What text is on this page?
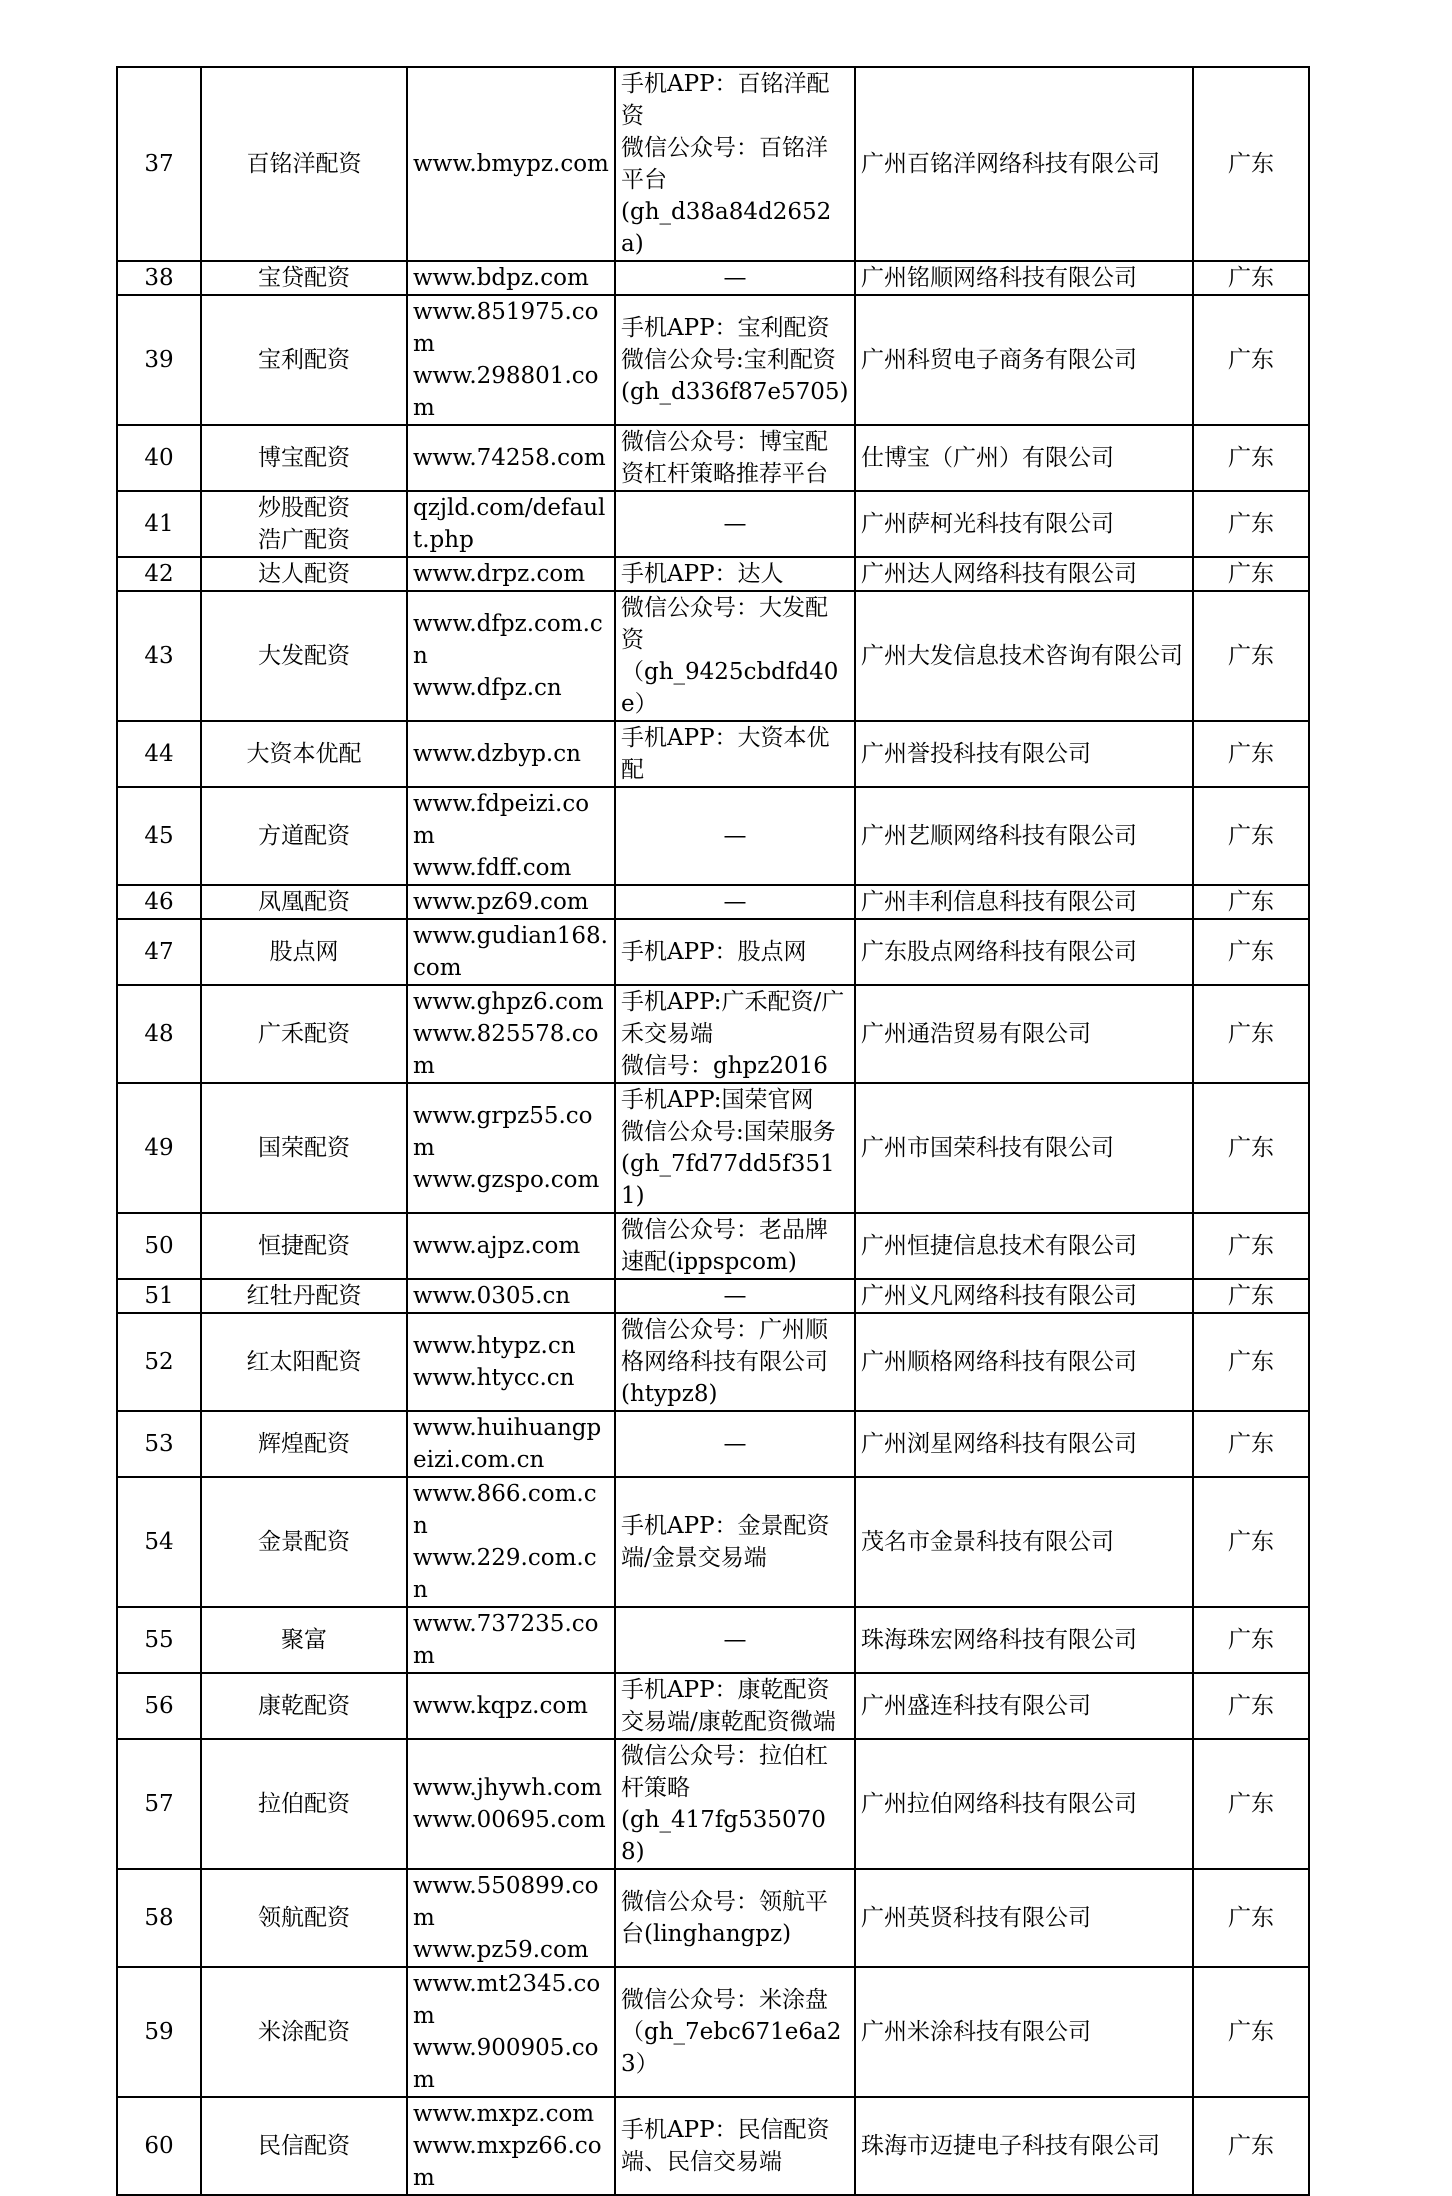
37	百铭洋配资	www.bmypz.com	手机APP：百铭洋配资
微信公众号：百铭洋平台
(gh_d38a84d2652a)	广州百铭洋网络科技有限公司	广东
38	宝贷配资	www.bdpz.com	—	广州铭顺网络科技有限公司	广东
39	宝利配资	www.851975.com
www.298801.com	手机APP：宝利配资
微信公众号:宝利配资
(gh_d336f87e5705)	广州科贸电子商务有限公司	广东
40	博宝配资	www.74258.com	微信公众号：博宝配资杠杆策略推荐平台	仕博宝（广州）有限公司	广东
41	炒股配资
浩广配资	qzjld.com/default.php	—	广州萨柯光科技有限公司	广东
42	达人配资	www.drpz.com	手机APP：达人	广州达人网络科技有限公司	广东
43	大发配资	www.dfpz.com.cn
www.dfpz.cn	微信公众号：大发配资
（gh_9425cbdfd40e）	广州大发信息技术咨询有限公司	广东
44	大资本优配	www.dzbyp.cn	手机APP：大资本优配	广州誉投科技有限公司	广东
45	方道配资	www.fdpeizi.com
www.fdff.com	—	广州艺顺网络科技有限公司	广东
46	凤凰配资	www.pz69.com	—	广州丰利信息科技有限公司	广东
47	股点网	www.gudian168.com	手机APP：股点网	广东股点网络科技有限公司	广东
48	广禾配资	www.ghpz6.com
www.825578.com	手机APP:广禾配资/广禾交易端
微信号：ghpz2016	广州通浩贸易有限公司	广东
49	国荣配资	www.grpz55.com
www.gzspo.com	手机APP:国荣官网
微信公众号:国荣服务
(gh_7fd77dd5f3511)	广州市国荣科技有限公司	广东
50	恒捷配资	www.ajpz.com	微信公众号：老品牌速配(ippspcom)	广州恒捷信息技术有限公司	广东
51	红牡丹配资	www.0305.cn	—	广州义凡网络科技有限公司	广东
52	红太阳配资	www.htypz.cn
www.htycc.cn	微信公众号：广州顺格网络科技有限公司
(htypz8)	广州顺格网络科技有限公司	广东
53	辉煌配资	www.huihuangpeizi.com.cn	—	广州浏星网络科技有限公司	广东
54	金景配资	www.866.com.cn
www.229.com.cn	手机APP：金景配资端/金景交易端	茂名市金景科技有限公司	广东
55	聚富	www.737235.com	—	珠海珠宏网络科技有限公司	广东
56	康乾配资	www.kqpz.com	手机APP：康乾配资交易端/康乾配资微端	广州盛连科技有限公司	广东
57	拉伯配资	www.jhywh.com
www.00695.com	微信公众号：拉伯杠杆策略
(gh_417fg5350708)	广州拉伯网络科技有限公司	广东
58	领航配资	www.550899.com
www.pz59.com	微信公众号：领航平台(linghangpz)	广州英贤科技有限公司	广东
59	米涂配资	www.mt2345.com
www.900905.com	微信公众号：米涂盘
（gh_7ebc671e6a23）	广州米涂科技有限公司	广东
60	民信配资	www.mxpz.com
www.mxpz66.com	手机APP：民信配资端、民信交易端	珠海市迈捷电子科技有限公司	广东
